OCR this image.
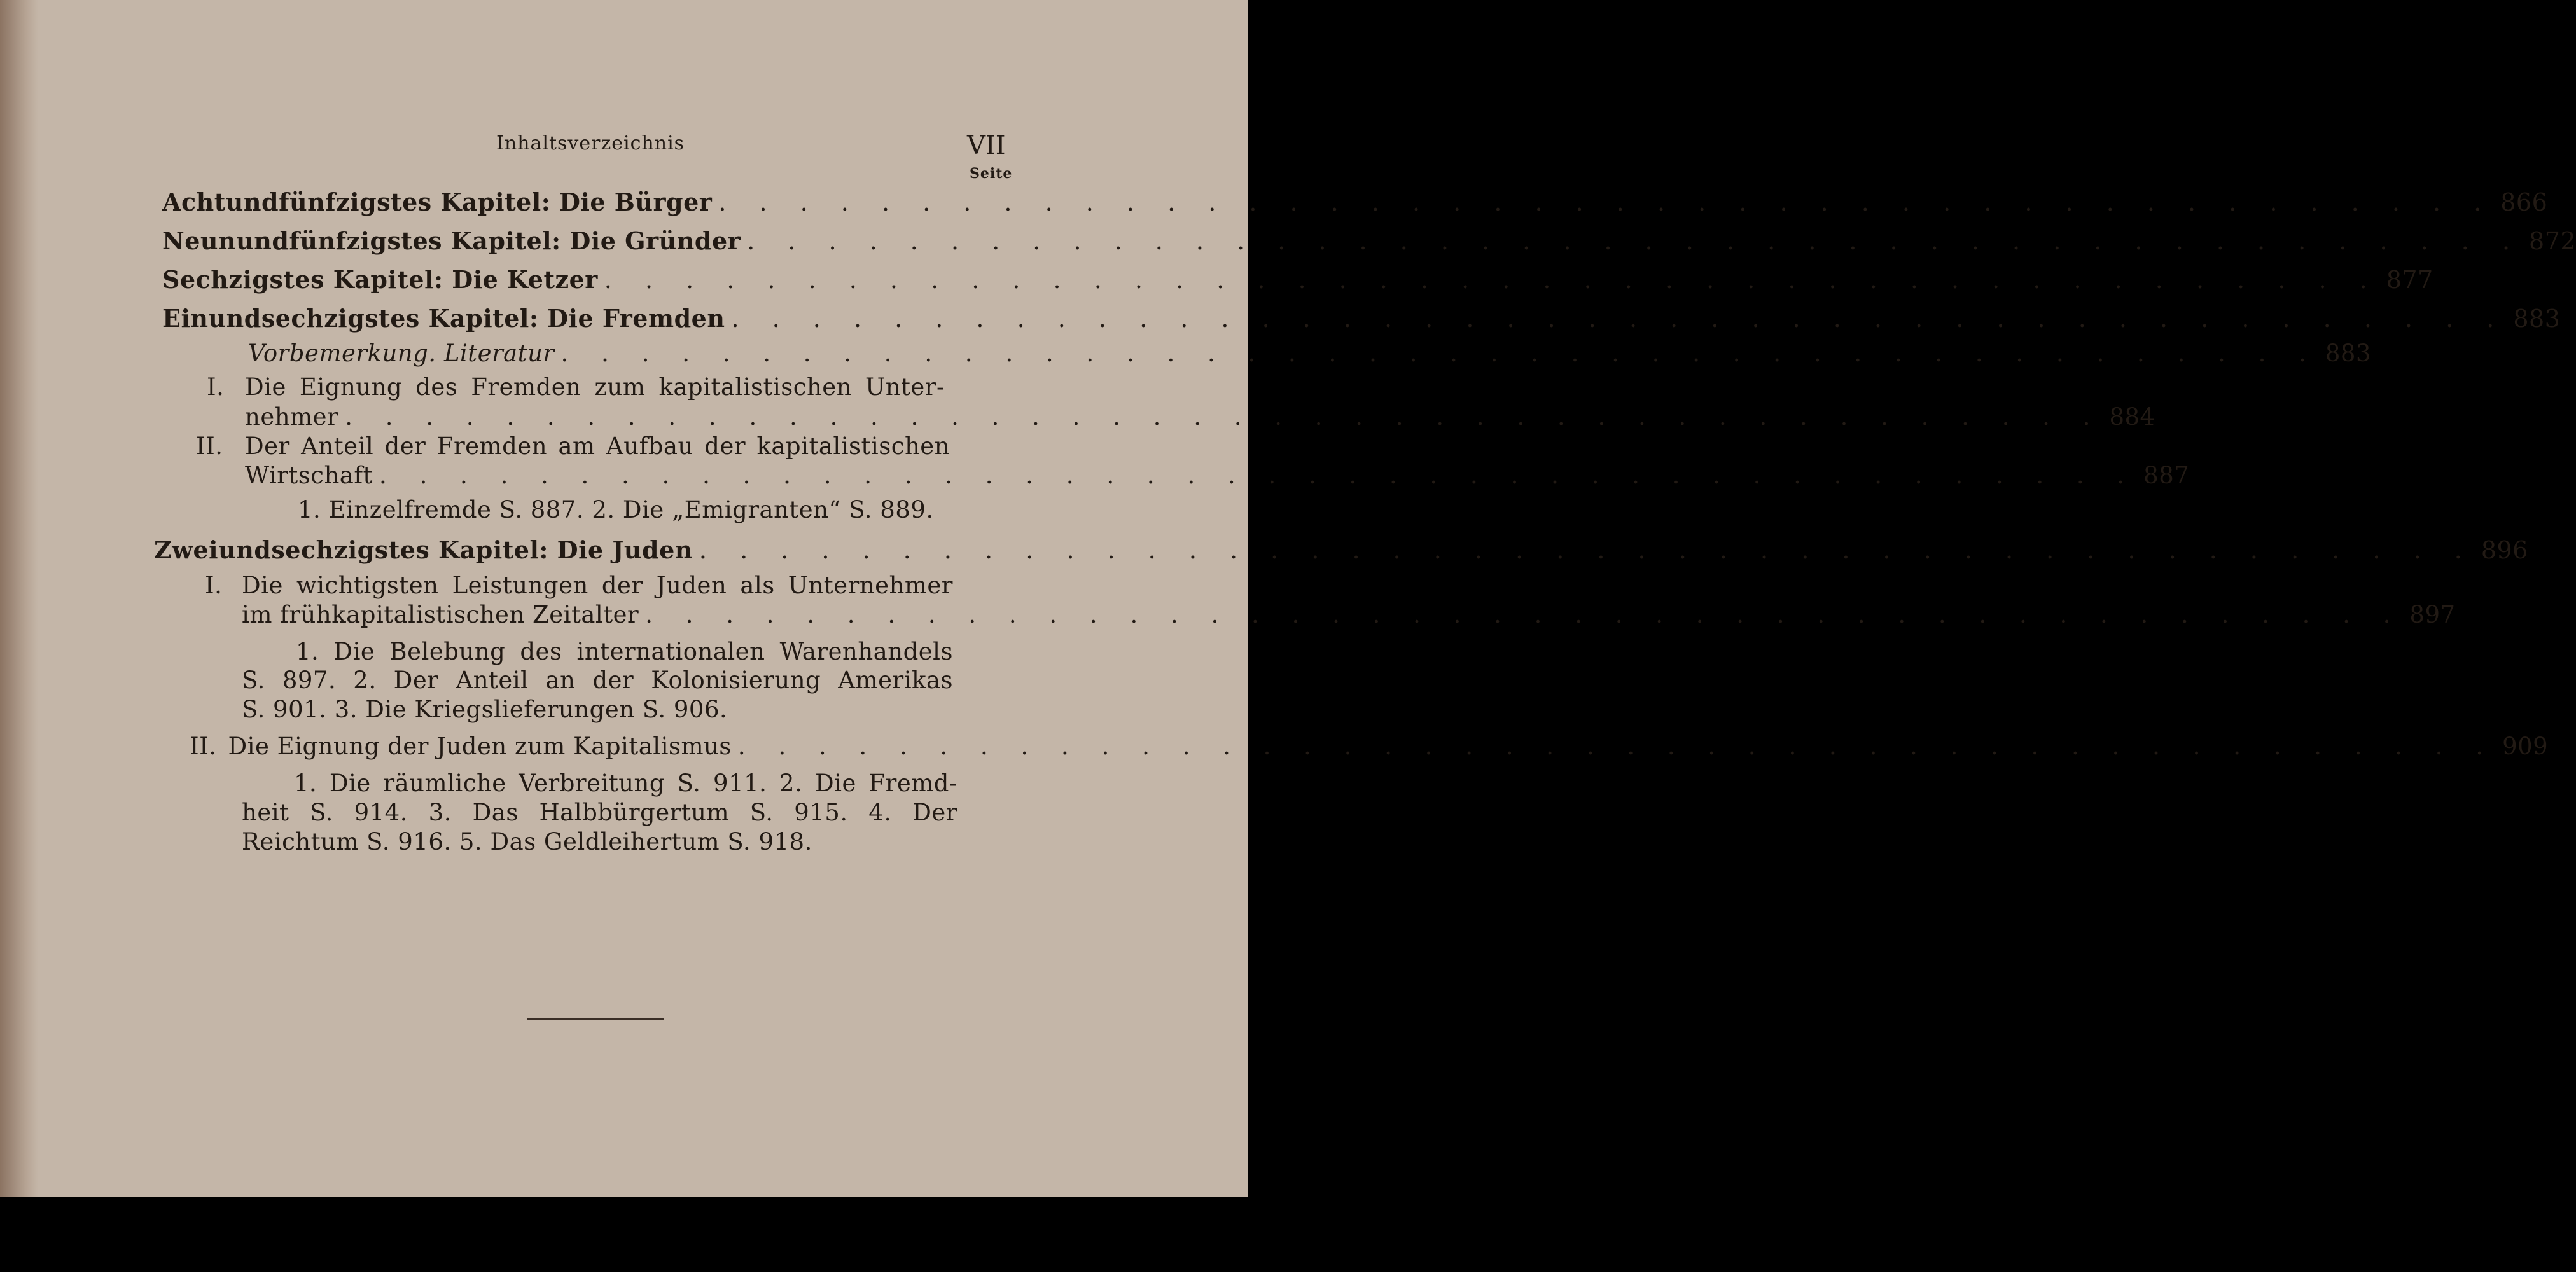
Inhaltsverzeichnis	VII
Seite
Achtundfünfzigstes Kapitel: Die Bürger . . . . . . . . . . . . . . . . . . . . . . . . . . . . . . . . . . . . . . . . . . . . 866
Neunundfünfzigstes Kapitel: Die Gründer . . . . . . . . . . . . . . . . . . . . . . . . . . . . . . . . . . . . . . . . . . . . 872
Sechzigstes Kapitel: Die Ketzer . . . . . . . . . . . . . . . . . . . . . . . . . . . . . . . . . . . . . . . . . . . . 877
Einundsechzigstes Kapitel: Die Fremden . . . . . . . . . . . . . . . . . . . . . . . . . . . . . . . . . . . . . . . . . . . . 883
Vorbemerkung. Literatur . . . . . . . . . . . . . . . . . . . . . . . . . . . . . . . . . . . . . . . . . . . . 883
I. Die Eignung des Fremden zum kapitalistischen Unter-
nehmer . . . . . . . . . . . . . . . . . . . . . . . . . . . . . . . . . . . . . . . . . . . . 884
II. Der Anteil der Fremden am Aufbau der kapitalistischen
Wirtschaft . . . . . . . . . . . . . . . . . . . . . . . . . . . . . . . . . . . . . . . . . . . . 887
1. Einzelfremde S. 887. 2. Die „Emigranten“ S. 889.
Zweiundsechzigstes Kapitel: Die Juden . . . . . . . . . . . . . . . . . . . . . . . . . . . . . . . . . . . . . . . . . . . . 896
I. Die wichtigsten Leistungen der Juden als Unternehmer
im frühkapitalistischen Zeitalter . . . . . . . . . . . . . . . . . . . . . . . . . . . . . . . . . . . . . . . . . . . . 897
1. Die Belebung des internationalen Warenhandels
S. 897. 2. Der Anteil an der Kolonisierung Amerikas
S. 901. 3. Die Kriegslieferungen S. 906.
II. Die Eignung der Juden zum Kapitalismus . . . . . . . . . . . . . . . . . . . . . . . . . . . . . . . . . . . . . . . . . . . . 909
1. Die räumliche Verbreitung S. 911. 2. Die Fremd-
heit S. 914. 3. Das Halbbürgertum S. 915. 4. Der
Reichtum S. 916. 5. Das Geldleihertum S. 918.
